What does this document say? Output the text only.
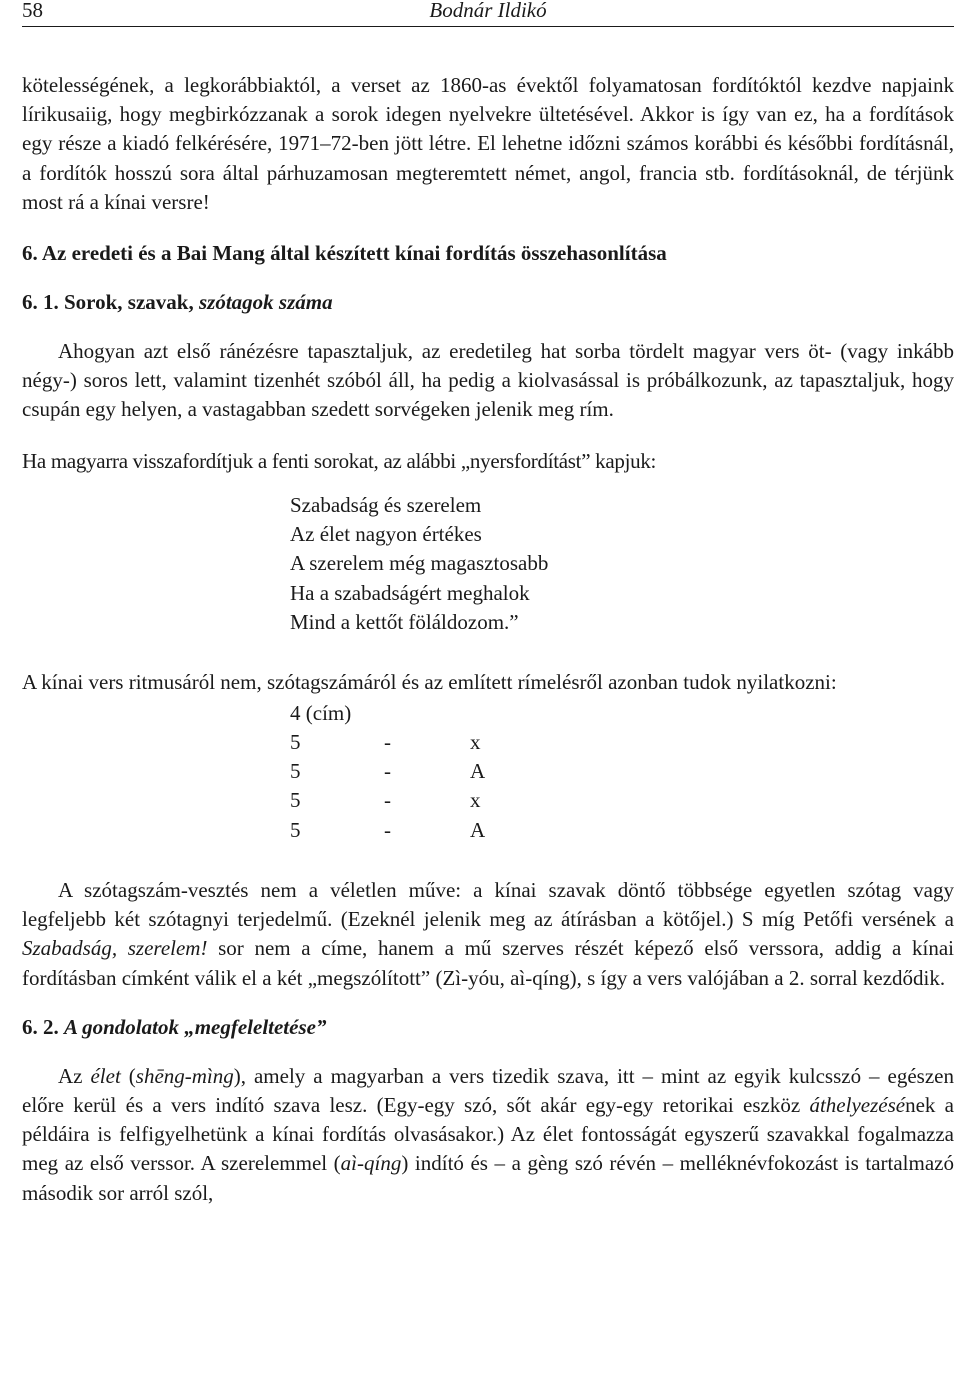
58	Bodnár Ildikó

kötelességének, a legkorábbiaktól, a verset az 1860-as évektől folyamatosan fordítóktól kezdve napjaink lírikusaiig, hogy megbirkózzanak a sorok idegen nyelvekre ültetésével. Akkor is így van ez, ha a fordítások egy része a kiadó felkérésére, 1971–72-ben jött létre. El lehetne időzni számos korábbi és későbbi fordításnál, a fordítók hosszú sora által párhuzamosan megteremtett német, angol, francia stb. fordításoknál, de térjünk most rá a kínai versre!

6. Az eredeti és a Bai Mang által készített kínai fordítás összehasonlítása
6. 1. Sorok, szavak, szótagok száma

Ahogyan azt első ránézésre tapasztaljuk, az eredetileg hat sorba tördelt magyar vers öt- (vagy inkább négy-) soros lett, valamint tizenhét szóból áll, ha pedig a kiolvasással is próbálkozunk, az tapasztaljuk, hogy csupán egy helyen, a vastagabban szedett sorvégeken jelenik meg rím.

Ha magyarra visszafordítjuk a fenti sorokat, az alábbi „nyersfordítást” kapjuk:

Szabadság és szerelem
Az élet nagyon értékes
A szerelem még magasztosabb
Ha a szabadságért meghalok
Mind a kettőt föláldozom.”

A kínai vers ritmusáról nem, szótagszámáról és az említett rímelésről azonban tudok nyilatkozni:

4 (cím)
5	-	x
5	-	A
5	-	x
5	-	A

A szótagszám-vesztés nem a véletlen műve: a kínai szavak döntő többsége egyetlen szótag vagy legfeljebb két szótagnyi terjedelmű. (Ezeknél jelenik meg az átírásban a kötőjel.) S míg Petőfi versének a Szabadság, szerelem! sor nem a címe, hanem a mű szerves részét képező első verssora, addig a kínai fordításban címként válik el a két „megszólított” (Zì-yóu, aì-qíng), s így a vers valójában a 2. sorral kezdődik.

6. 2. A gondolatok „megfeleltetése”

Az élet (shēng-mìng), amely a magyarban a vers tizedik szava, itt – mint az egyik kulcsszó – egészen előre kerül és a vers indító szava lesz. (Egy-egy szó, sőt akár egy-egy retorikai eszköz áthelyezésének a példáira is felfigyelhetünk a kínai fordítás olvasásakor.) Az élet fontosságát egyszerű szavakkal fogalmazza meg az első verssor. A szerelemmel (aì-qíng) indító és – a gèng szó révén – melléknévfokozást is tartalmazó második sor arról szól,
